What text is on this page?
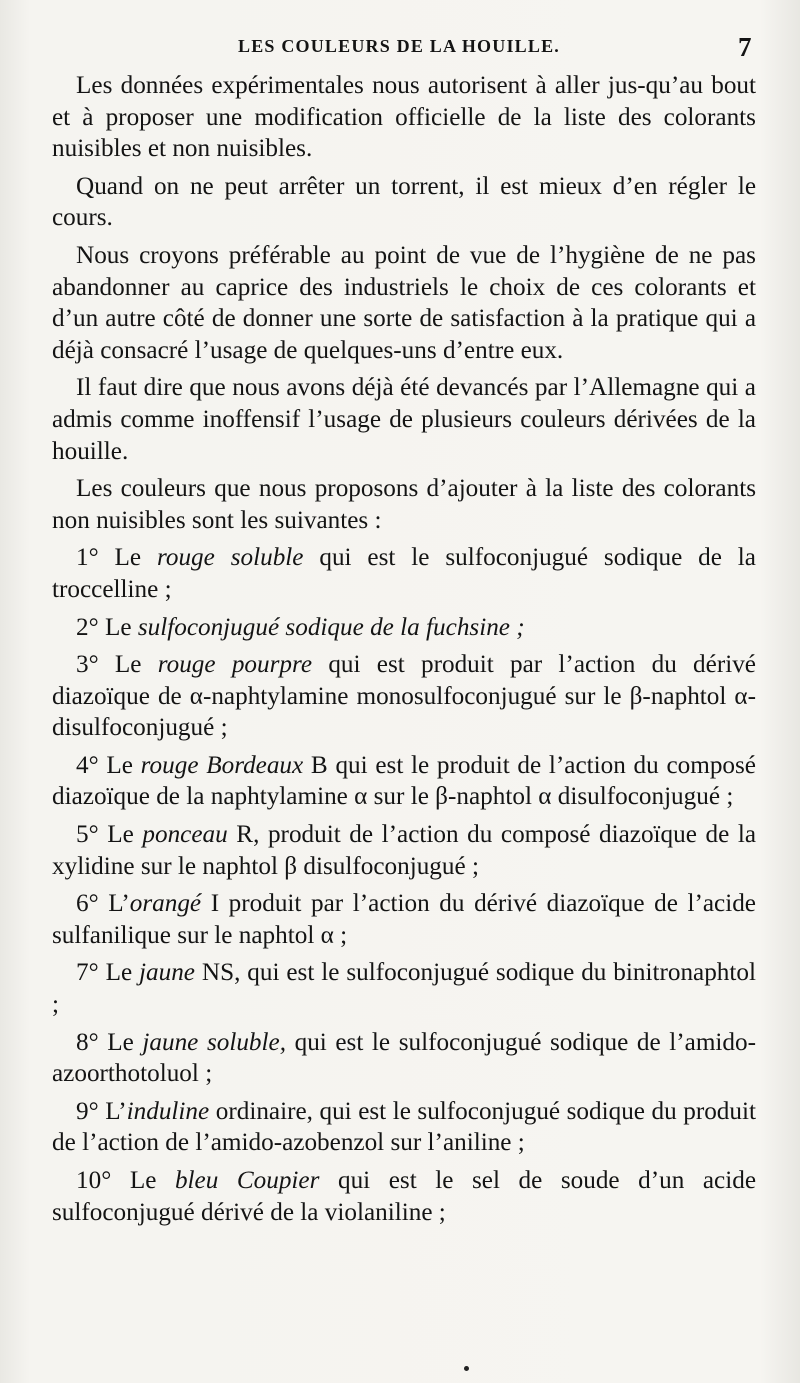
LES COULEURS DE LA HOUILLE.	7

Les données expérimentales nous autorisent à aller jus-qu’au bout et à proposer une modification officielle de la liste des colorants nuisibles et non nuisibles.

Quand on ne peut arrêter un torrent, il est mieux d’en régler le cours.

Nous croyons préférable au point de vue de l’hygiène de ne pas abandonner au caprice des industriels le choix de ces colorants et d’un autre côté de donner une sorte de satisfaction à la pratique qui a déjà consacré l’usage de quelques-uns d’entre eux.

Il faut dire que nous avons déjà été devancés par l’Allemagne qui a admis comme inoffensif l’usage de plusieurs couleurs dérivées de la houille.

Les couleurs que nous proposons d’ajouter à la liste des colorants non nuisibles sont les suivantes :

1° Le rouge soluble qui est le sulfoconjugué sodique de la troccelline ;

2° Le sulfoconjugué sodique de la fuchsine ;

3° Le rouge pourpre qui est produit par l’action du dérivé diazoïque de α-naphtylamine monosulfoconjugué sur le β-naphtol α-disulfoconjugué ;

4° Le rouge Bordeaux B qui est le produit de l’action du composé diazoïque de la naphtylamine α sur le β-naphtol α disulfoconjugué ;

5° Le ponceau R, produit de l’action du composé diazoïque de la xylidine sur le naphtol β disulfoconjugué ;

6° L’orangé I produit par l’action du dérivé diazoïque de l’acide sulfanilique sur le naphtol α ;

7° Le jaune NS, qui est le sulfoconjugué sodique du binitronaphtol ;

8° Le jaune soluble, qui est le sulfoconjugué sodique de l’amido-azoorthotoluol ;

9° L’induline ordinaire, qui est le sulfoconjugué sodique du produit de l’action de l’amido-azobenzol sur l’aniline ;

10° Le bleu Coupier qui est le sel de soude d’un acide sulfoconjugué dérivé de la violaniline ;
